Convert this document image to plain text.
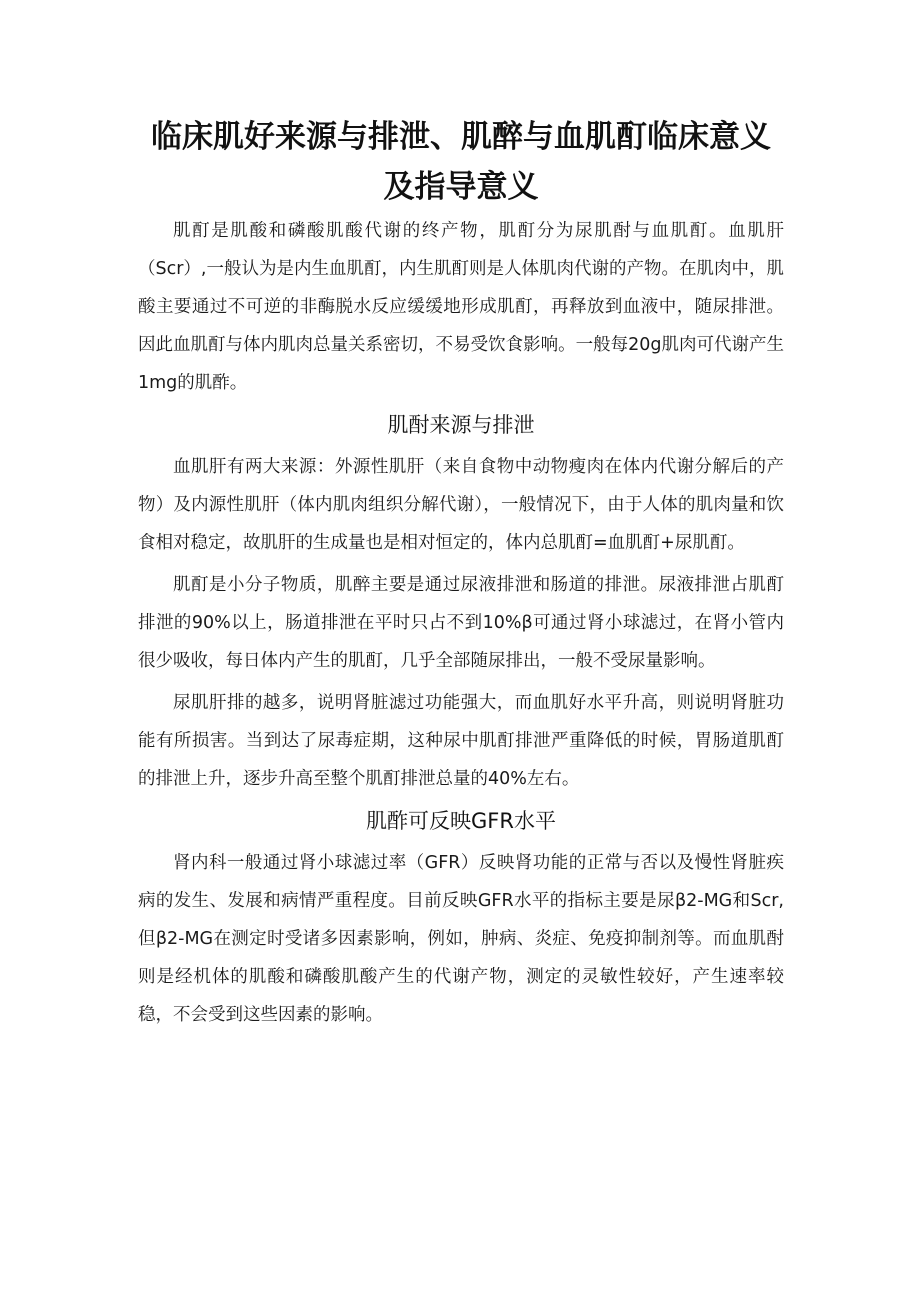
临床肌好来源与排泄、肌醉与血肌酊临床意义及指导意义

肌酊是肌酸和磷酸肌酸代谢的终产物，肌酊分为尿肌酎与血肌酊。血肌肝（Scr）,一般认为是内生血肌酊，内生肌酊则是人体肌肉代谢的产物。在肌肉中，肌酸主要通过不可逆的非酶脱水反应缓缓地形成肌酊，再释放到血液中，随尿排泄。因此血肌酊与体内肌肉总量关系密切，不易受饮食影响。一般每20g肌肉可代谢产生1mg的肌酢。

肌酎来源与排泄

血肌肝有两大来源：外源性肌肝（来自食物中动物瘦肉在体内代谢分解后的产物）及内源性肌肝（体内肌肉组织分解代谢），一般情况下，由于人体的肌肉量和饮食相对稳定，故肌肝的生成量也是相对恒定的，体内总肌酊=血肌酊+尿肌酊。

肌酊是小分子物质，肌醉主要是通过尿液排泄和肠道的排泄。尿液排泄占肌酊排泄的90%以上，肠道排泄在平时只占不到10%β可通过肾小球滤过，在肾小管内很少吸收，每日体内产生的肌酊，几乎全部随尿排出，一般不受尿量影响。

尿肌肝排的越多，说明肾脏滤过功能强大，而血肌好水平升高，则说明肾脏功能有所损害。当到达了尿毒症期，这种尿中肌酊排泄严重降低的时候，胃肠道肌酊的排泄上升，逐步升高至整个肌酊排泄总量的40%左右。

肌酢可反映GFR水平

肾内科一般通过肾小球滤过率（GFR）反映肾功能的正常与否以及慢性肾脏疾病的发生、发展和病情严重程度。目前反映GFR水平的指标主要是尿β2-MG和Scr,但β2-MG在测定时受诸多因素影响，例如，肿病、炎症、免疫抑制剂等。而血肌酎则是经机体的肌酸和磷酸肌酸产生的代谢产物，测定的灵敏性较好，产生速率较稳，不会受到这些因素的影响。
